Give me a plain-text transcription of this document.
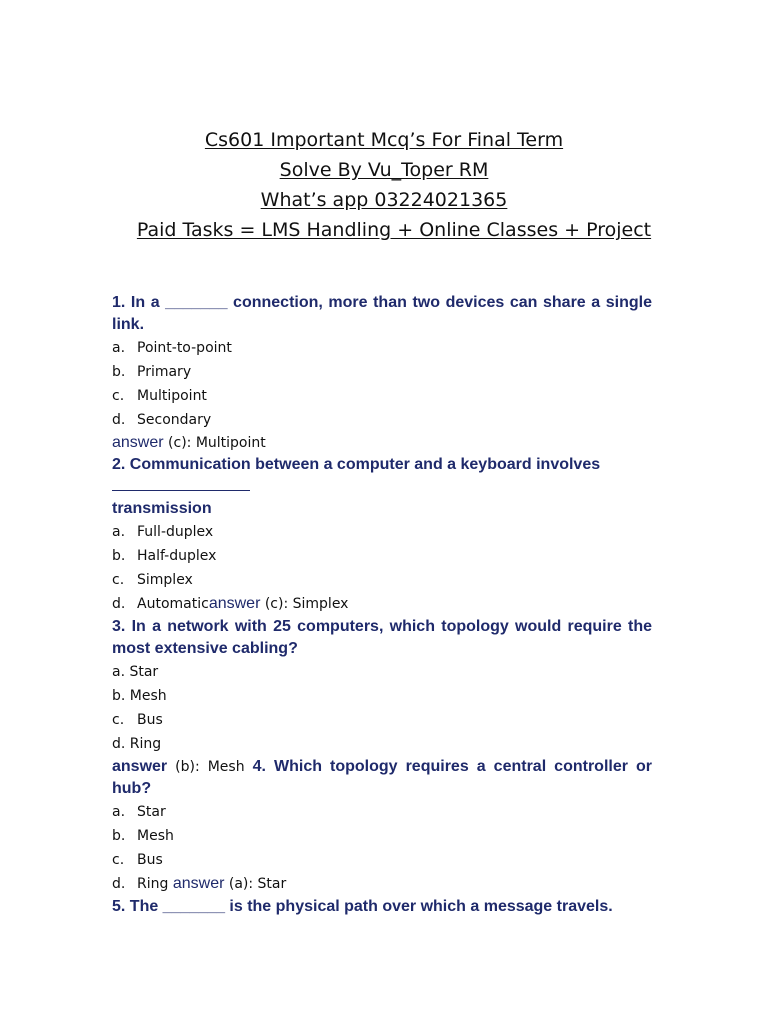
Cs601 Important Mcq’s For Final Term
Solve By Vu_Toper RM
What’s app 03224021365
Paid Tasks = LMS Handling + Online Classes + Project
1. In a _______ connection, more than two devices can share a single link.
a. Point-to-point
b. Primary
c. Multipoint
d. Secondary
answer (c): Multipoint
2. Communication between a computer and a keyboard involves
transmission
a. Full-duplex
b. Half-duplex
c. Simplex
d. Automaticanswer (c): Simplex
3. In a network with 25 computers, which topology would require the most extensive cabling?
a. Star
b. Mesh
c. Bus
d. Ring
answer (b): Mesh 4. Which topology requires a central controller or hub?
a. Star
b. Mesh
c. Bus
d. Ring answer (a): Star
5. The _______ is the physical path over which a message travels.
